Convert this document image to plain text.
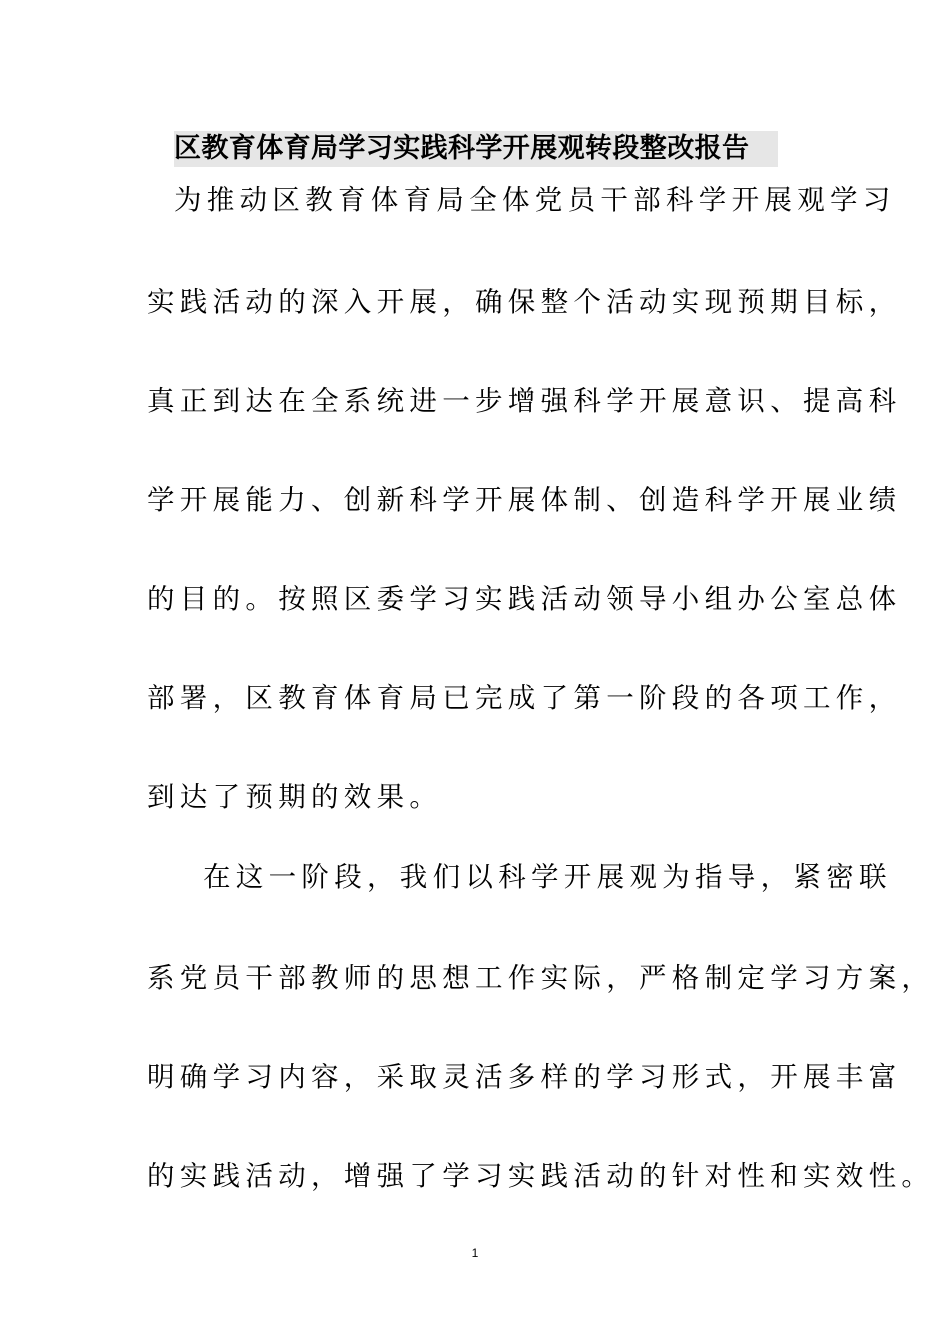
区教育体育局学习实践科学开展观转段整改报告
为推动区教育体育局全体党员干部科学开展观学习
实践活动的深入开展，确保整个活动实现预期目标，
真正到达在全系统进一步增强科学开展意识、提高科
学开展能力、创新科学开展体制、创造科学开展业绩
的目的。按照区委学习实践活动领导小组办公室总体
部署，区教育体育局已完成了第一阶段的各项工作，
到达了预期的效果。
在这一阶段，我们以科学开展观为指导，紧密联
系党员干部教师的思想工作实际，严格制定学习方案，
明确学习内容，采取灵活多样的学习形式，开展丰富
的实践活动，增强了学习实践活动的针对性和实效性。
1
